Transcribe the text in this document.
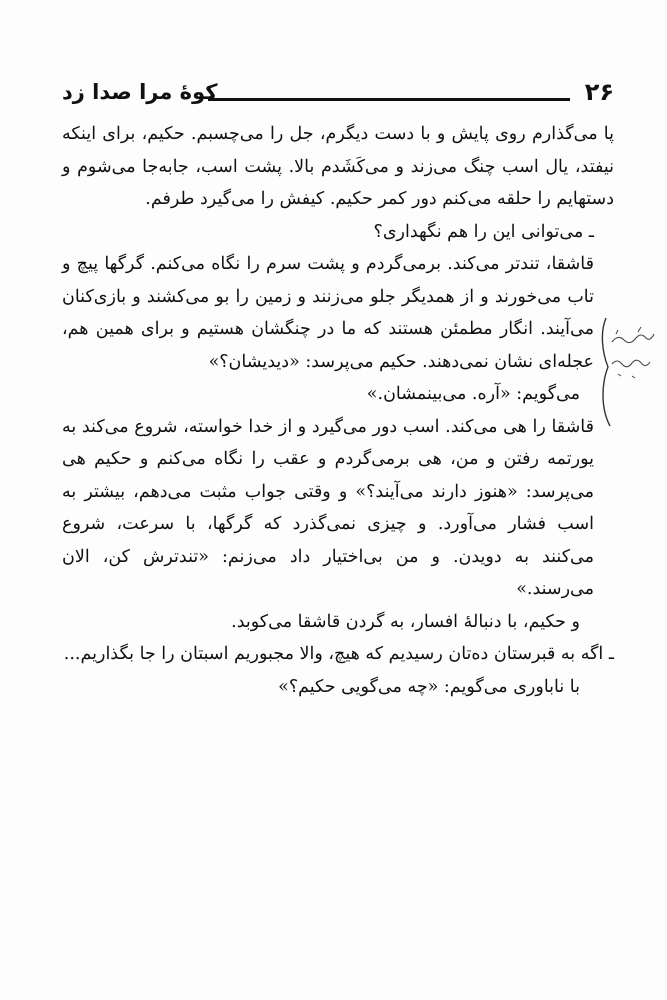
۲۶
کوهٔ مرا صدا زد

پا می‌گذارم روی پایش و با دست دیگرم، جل را می‌چسبم. حکیم، برای اینکه نیفتد، یال اسب چنگ می‌زند و می‌کَشَدم بالا. پشت اسب، جابه‌جا می‌شوم و دستهایم را حلقه می‌کنم دور کمر حکیم. کیفش را می‌گیرد طرفم.

ـ می‌توانی این را هم نگهداری؟

قاشقا، تندتر می‌کند. برمی‌گردم و پشت سرم را نگاه می‌کنم. گرگها پیچ و تاب می‌خورند و از همدیگر جلو می‌زنند و زمین را بو می‌کشند و بازی‌کنان می‌آیند. انگار مطمئن هستند که ما در چنگشان هستیم و برای همین هم، عجله‌ای نشان نمی‌دهند. حکیم می‌پرسد: «دیدیشان؟»

می‌گویم: «آره. می‌بینمشان.»

قاشقا را هی می‌کند. اسب دور می‌گیرد و از خدا خواسته، شروع می‌کند به یورتمه رفتن و من، هی برمی‌گردم و عقب را نگاه می‌کنم و حکیم هی می‌پرسد: «هنوز دارند می‌آیند؟» و وقتی جواب مثبت می‌دهم، بیشتر به اسب فشار می‌آورد. و چیزی نمی‌گذرد که گرگها، با سرعت، شروع می‌کنند به دویدن. و من بی‌اختیار داد می‌زنم: «تندترش کن، الان می‌رسند.»

و حکیم، با دنبالهٔ افسار، به گردن قاشقا می‌کوبد.

ـ اگه به قبرستان ده‌تان رسیدیم که هیچ، والا مجبوریم اسبتان را جا بگذاریم...

با ناباوری می‌گویم: «چه می‌گویی حکیم؟»
